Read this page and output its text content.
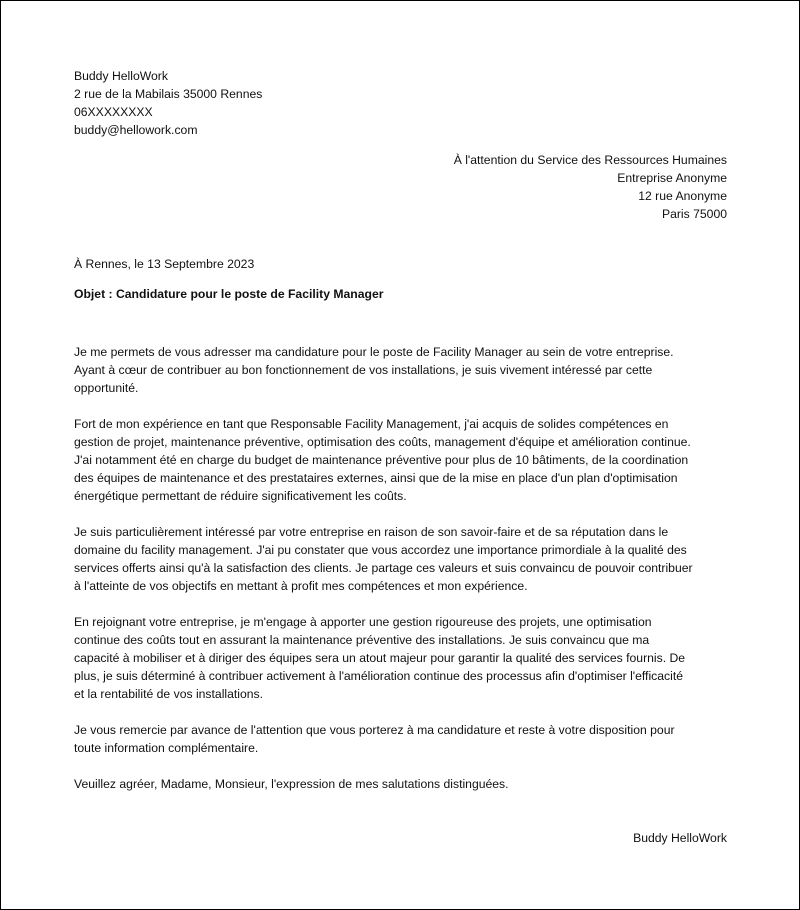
Buddy HelloWork
2 rue de la Mabilais 35000 Rennes
06XXXXXXXX
buddy@hellowork.com
À l'attention du Service des Ressources Humaines
Entreprise Anonyme
12 rue Anonyme
Paris 75000
À Rennes, le 13 Septembre 2023
Objet : Candidature pour le poste de Facility Manager

Je me permets de vous adresser ma candidature pour le poste de Facility Manager au sein de votre entreprise.
Ayant à cœur de contribuer au bon fonctionnement de vos installations, je suis vivement intéressé par cette
opportunité.

Fort de mon expérience en tant que Responsable Facility Management, j'ai acquis de solides compétences en
gestion de projet, maintenance préventive, optimisation des coûts, management d'équipe et amélioration continue.
J'ai notamment été en charge du budget de maintenance préventive pour plus de 10 bâtiments, de la coordination
des équipes de maintenance et des prestataires externes, ainsi que de la mise en place d'un plan d'optimisation
énergétique permettant de réduire significativement les coûts.

Je suis particulièrement intéressé par votre entreprise en raison de son savoir-faire et de sa réputation dans le
domaine du facility management. J'ai pu constater que vous accordez une importance primordiale à la qualité des
services offerts ainsi qu'à la satisfaction des clients. Je partage ces valeurs et suis convaincu de pouvoir contribuer
à l'atteinte de vos objectifs en mettant à profit mes compétences et mon expérience.

En rejoignant votre entreprise, je m'engage à apporter une gestion rigoureuse des projets, une optimisation
continue des coûts tout en assurant la maintenance préventive des installations. Je suis convaincu que ma
capacité à mobiliser et à diriger des équipes sera un atout majeur pour garantir la qualité des services fournis. De
plus, je suis déterminé à contribuer activement à l'amélioration continue des processus afin d'optimiser l'efficacité
et la rentabilité de vos installations.

Je vous remercie par avance de l'attention que vous porterez à ma candidature et reste à votre disposition pour
toute information complémentaire.

Veuillez agréer, Madame, Monsieur, l'expression de mes salutations distinguées.

Buddy HelloWork
